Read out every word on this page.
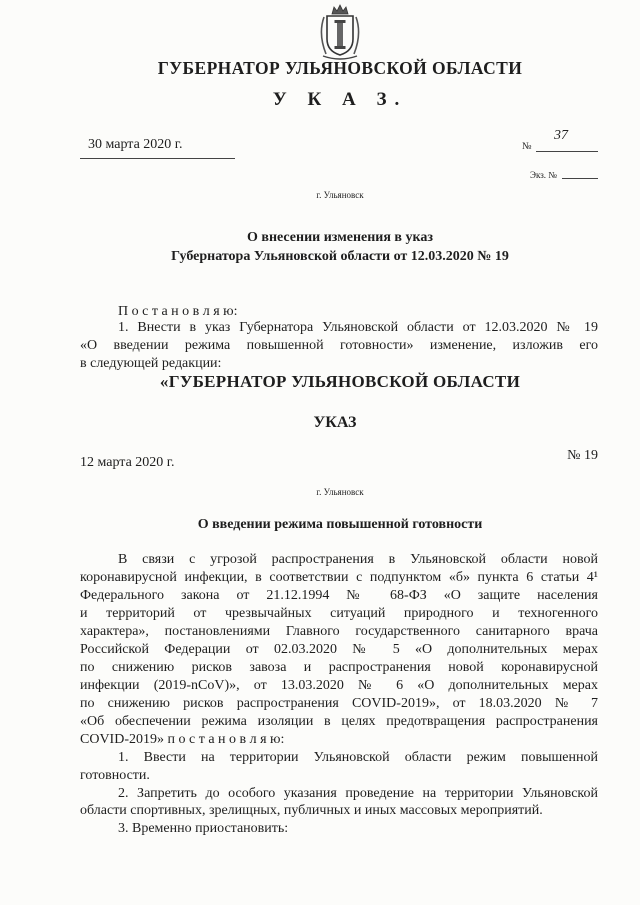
ГУБЕРНАТОР УЛЬЯНОВСКОЙ ОБЛАСТИ
У К А З.
30 марта 2020 г.	№
37
Экз. №
г. Ульяновск
О внесении изменения в указ
Губернатора Ульяновской области от 12.03.2020 № 19
П о с т а н о в л я ю:
1. Внести в указ Губернатора Ульяновской области от 12.03.2020 № 19
«О введении режима повышенной готовности» изменение, изложив его
в следующей редакции:
«ГУБЕРНАТОР УЛЬЯНОВСКОЙ ОБЛАСТИ
УКАЗ
12 марта 2020 г.	№ 19
г. Ульяновск
О введении режима повышенной готовности
В связи с угрозой распространения в Ульяновской области новой
коронавирусной инфекции, в соответствии с подпунктом «б» пункта 6 статьи 4¹
Федерального закона от 21.12.1994 № 68-ФЗ «О защите населения
и территорий от чрезвычайных ситуаций природного и техногенного
характера», постановлениями Главного государственного санитарного врача
Российской Федерации от 02.03.2020 № 5 «О дополнительных мерах
по снижению рисков завоза и распространения новой коронавирусной
инфекции (2019-nCoV)», от 13.03.2020 № 6 «О дополнительных мерах
по снижению рисков распространения COVID-2019», от 18.03.2020 № 7
«Об обеспечении режима изоляции в целях предотвращения распространения
COVID-2019» п о с т а н о в л я ю:
1. Ввести на территории Ульяновской области режим повышенной
готовности.
2. Запретить до особого указания проведение на территории Ульяновской
области спортивных, зрелищных, публичных и иных массовых мероприятий.
3. Временно приостановить:
